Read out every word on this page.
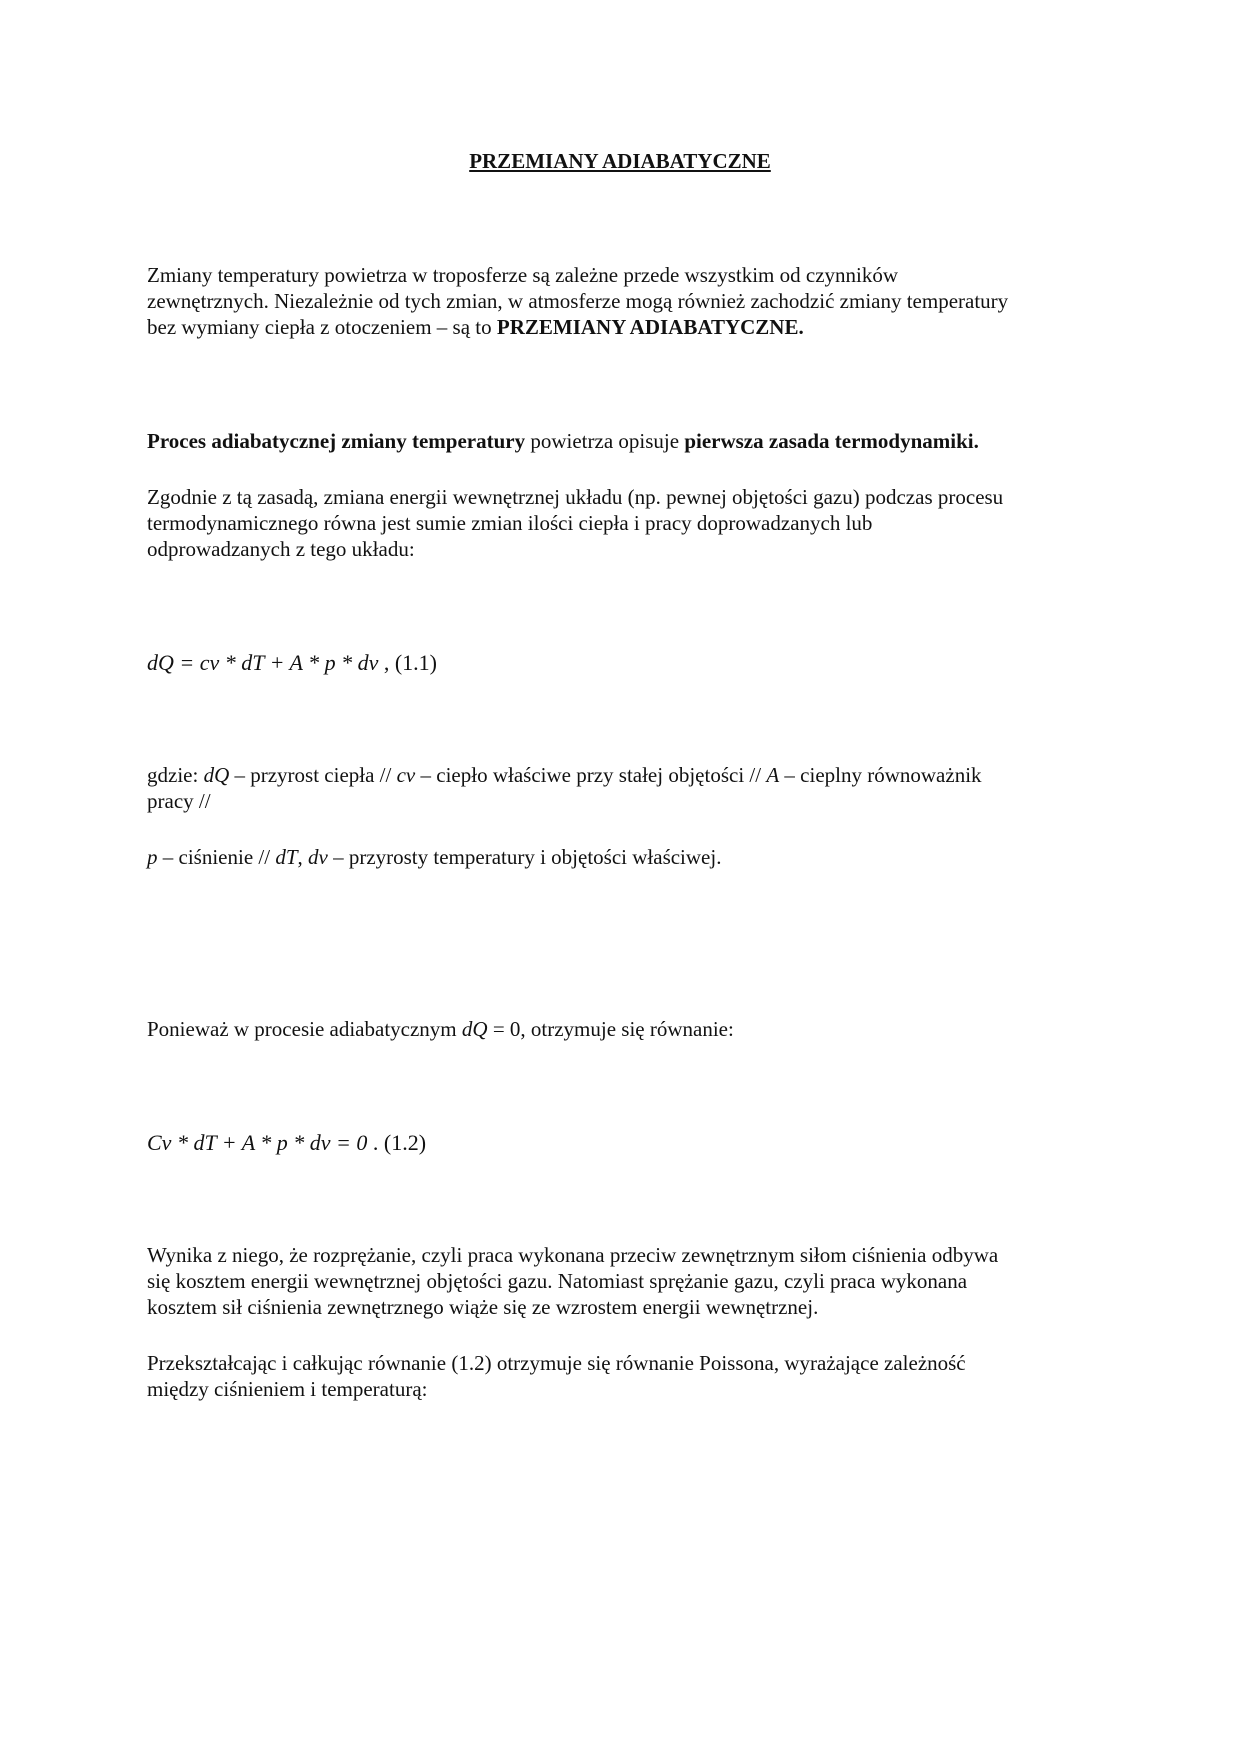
PRZEMIANY ADIABATYCZNE
Zmiany temperatury powietrza w troposferze są zależne przede wszystkim od czynników
zewnętrznych. Niezależnie od tych zmian, w atmosferze mogą również zachodzić zmiany temperatury
bez wymiany ciepła z otoczeniem – są to PRZEMIANY ADIABATYCZNE.
Proces adiabatycznej zmiany temperatury powietrza opisuje pierwsza zasada termodynamiki.
Zgodnie z tą zasadą, zmiana energii wewnętrznej układu (np. pewnej objętości gazu) podczas procesu
termodynamicznego równa jest sumie zmian ilości ciepła i pracy doprowadzanych lub
odprowadzanych z tego układu:
dQ = cv * dT + A * p * dv , (1.1)
gdzie: dQ – przyrost ciepła // cv – ciepło właściwe przy stałej objętości // A – cieplny równoważnik
pracy //
p – ciśnienie // dT, dv – przyrosty temperatury i objętości właściwej.
Ponieważ w procesie adiabatycznym dQ = 0, otrzymuje się równanie:
Cv * dT + A * p * dv = 0 . (1.2)
Wynika z niego, że rozprężanie, czyli praca wykonana przeciw zewnętrznym siłom ciśnienia odbywa
się kosztem energii wewnętrznej objętości gazu. Natomiast sprężanie gazu, czyli praca wykonana
kosztem sił ciśnienia zewnętrznego wiąże się ze wzrostem energii wewnętrznej.
Przekształcając i całkując równanie (1.2) otrzymuje się równanie Poissona, wyrażające zależność
między ciśnieniem i temperaturą:
